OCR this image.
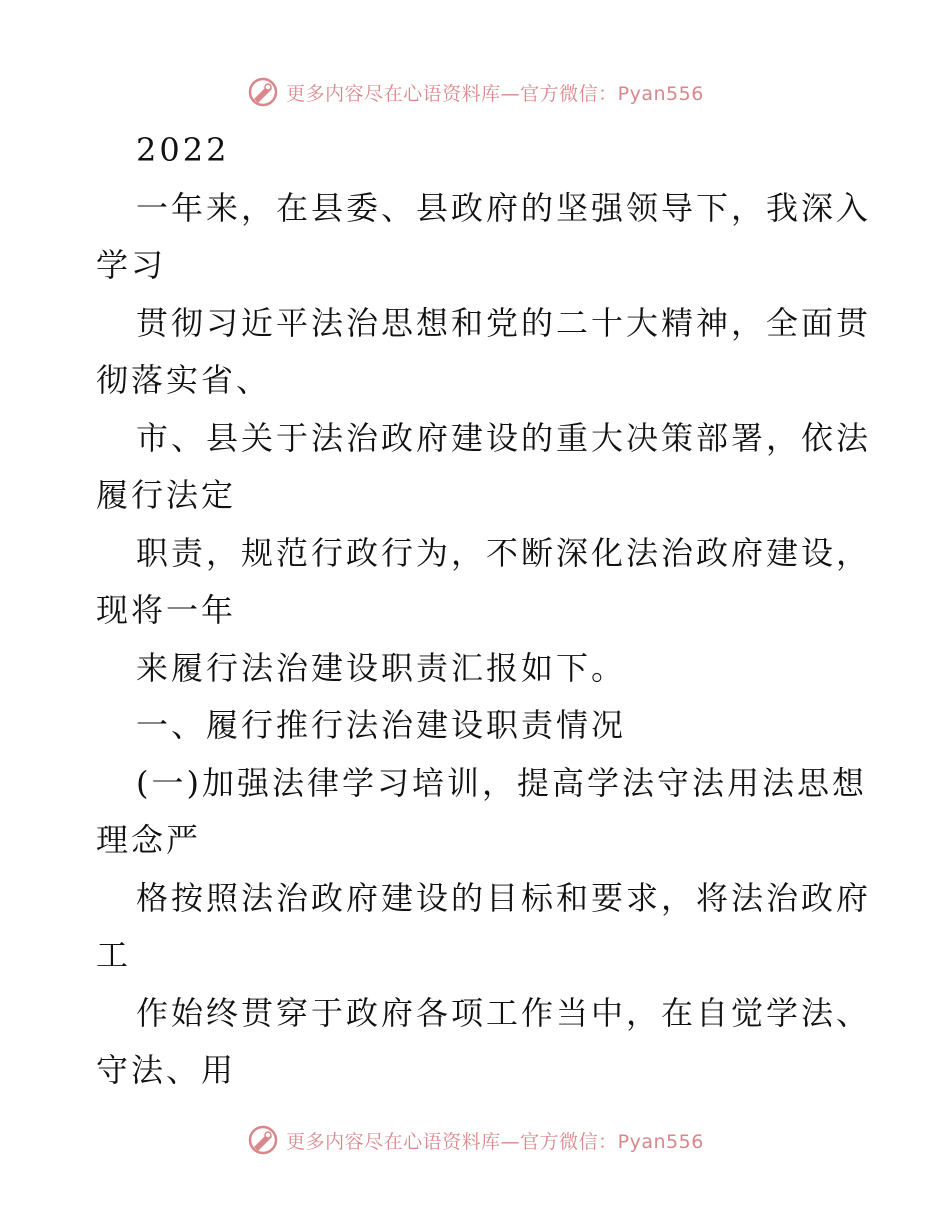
更多内容尽在心语资料库—官方微信：Pyan556
2022
一年来，在县委、县政府的坚强领导下，我深入
学习
贯彻习近平法治思想和党的二十大精神，全面贯
彻落实省、
市、县关于法治政府建设的重大决策部署，依法
履行法定
职责，规范行政行为，不断深化法治政府建设，
现将一年
来履行法治建设职责汇报如下。
一、履行推行法治建设职责情况
(一)加强法律学习培训，提高学法守法用法思想
理念严
格按照法治政府建设的目标和要求，将法治政府
工
作始终贯穿于政府各项工作当中，在自觉学法、
守法、用
更多内容尽在心语资料库—官方微信：Pyan556
